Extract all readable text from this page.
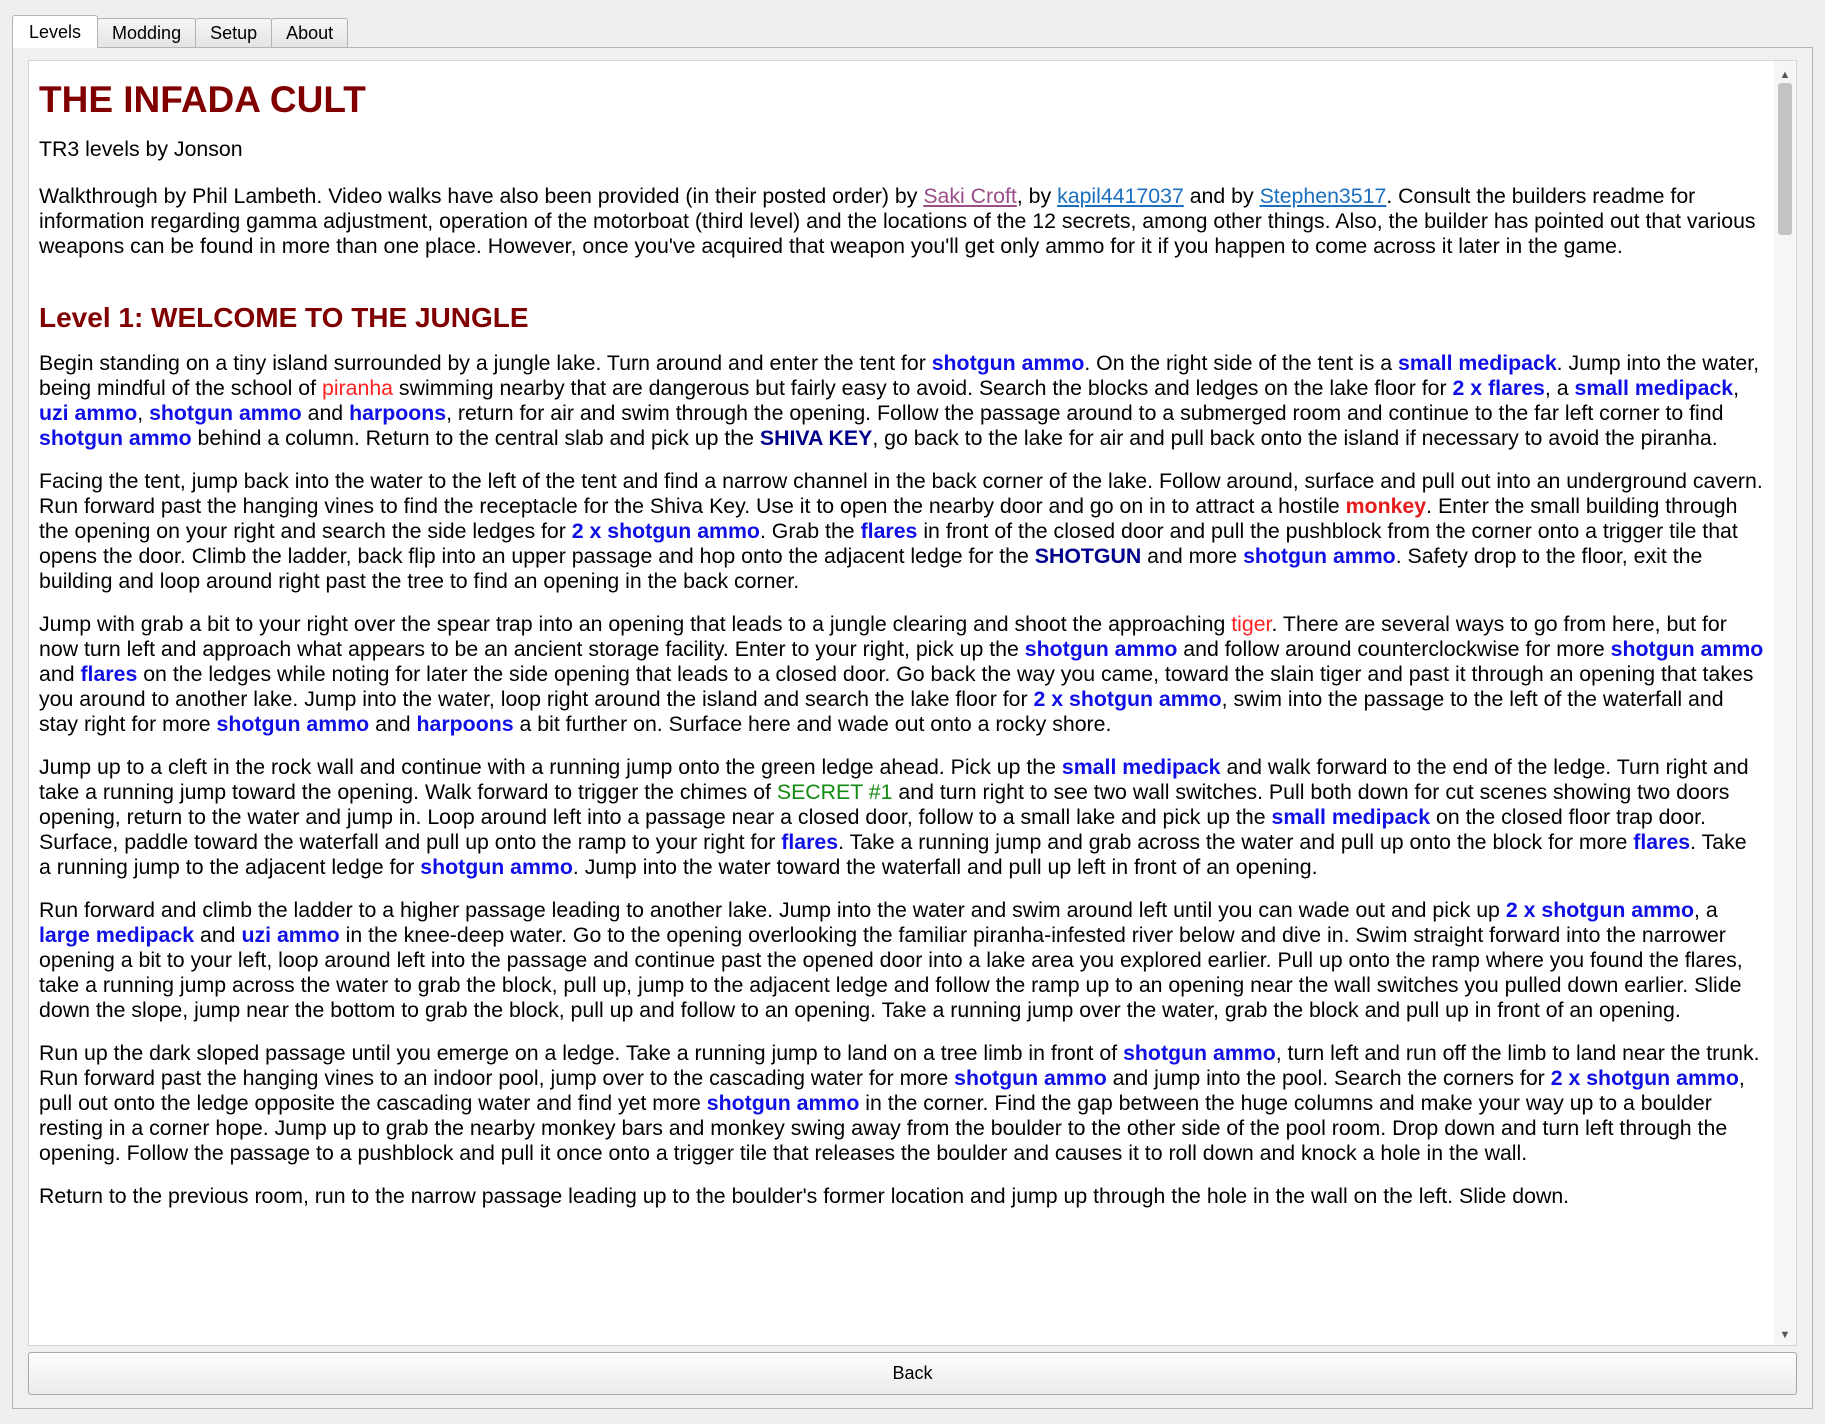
Levels	Modding	Setup	About
THE INFADA CULT

TR3 levels by Jonson

Walkthrough by Phil Lambeth. Video walks have also been provided (in their posted order) by Saki Croft, by kapil4417037 and by Stephen3517. Consult the builders readme for information regarding gamma adjustment, operation of the motorboat (third level) and the locations of the 12 secrets, among other things. Also, the builder has pointed out that various weapons can be found in more than one place. However, once you've acquired that weapon you'll get only ammo for it if you happen to come across it later in the game.

Level 1: WELCOME TO THE JUNGLE

Begin standing on a tiny island surrounded by a jungle lake. Turn around and enter the tent for shotgun ammo. On the right side of the tent is a small medipack. Jump into the water, being mindful of the school of piranha swimming nearby that are dangerous but fairly easy to avoid. Search the blocks and ledges on the lake floor for 2 x flares, a small medipack, uzi ammo, shotgun ammo and harpoons, return for air and swim through the opening. Follow the passage around to a submerged room and continue to the far left corner to find shotgun ammo behind a column. Return to the central slab and pick up the SHIVA KEY, go back to the lake for air and pull back onto the island if necessary to avoid the piranha.

Facing the tent, jump back into the water to the left of the tent and find a narrow channel in the back corner of the lake. Follow around, surface and pull out into an underground cavern. Run forward past the hanging vines to find the receptacle for the Shiva Key. Use it to open the nearby door and go on in to attract a hostile monkey. Enter the small building through the opening on your right and search the side ledges for 2 x shotgun ammo. Grab the flares in front of the closed door and pull the pushblock from the corner onto a trigger tile that opens the door. Climb the ladder, back flip into an upper passage and hop onto the adjacent ledge for the SHOTGUN and more shotgun ammo. Safety drop to the floor, exit the building and loop around right past the tree to find an opening in the back corner.

Jump with grab a bit to your right over the spear trap into an opening that leads to a jungle clearing and shoot the approaching tiger. There are several ways to go from here, but for now turn left and approach what appears to be an ancient storage facility. Enter to your right, pick up the shotgun ammo and follow around counterclockwise for more shotgun ammo and flares on the ledges while noting for later the side opening that leads to a closed door. Go back the way you came, toward the slain tiger and past it through an opening that takes you around to another lake. Jump into the water, loop right around the island and search the lake floor for 2 x shotgun ammo, swim into the passage to the left of the waterfall and stay right for more shotgun ammo and harpoons a bit further on. Surface here and wade out onto a rocky shore.

Jump up to a cleft in the rock wall and continue with a running jump onto the green ledge ahead. Pick up the small medipack and walk forward to the end of the ledge. Turn right and take a running jump toward the opening. Walk forward to trigger the chimes of SECRET #1 and turn right to see two wall switches. Pull both down for cut scenes showing two doors opening, return to the water and jump in. Loop around left into a passage near a closed door, follow to a small lake and pick up the small medipack on the closed floor trap door. Surface, paddle toward the waterfall and pull up onto the ramp to your right for flares. Take a running jump and grab across the water and pull up onto the block for more flares. Take a running jump to the adjacent ledge for shotgun ammo. Jump into the water toward the waterfall and pull up left in front of an opening.

Run forward and climb the ladder to a higher passage leading to another lake. Jump into the water and swim around left until you can wade out and pick up 2 x shotgun ammo, a large medipack and uzi ammo in the knee-deep water. Go to the opening overlooking the familiar piranha-infested river below and dive in. Swim straight forward into the narrower opening a bit to your left, loop around left into the passage and continue past the opened door into a lake area you explored earlier. Pull up onto the ramp where you found the flares, take a running jump across the water to grab the block, pull up, jump to the adjacent ledge and follow the ramp up to an opening near the wall switches you pulled down earlier. Slide down the slope, jump near the bottom to grab the block, pull up and follow to an opening. Take a running jump over the water, grab the block and pull up in front of an opening.

Run up the dark sloped passage until you emerge on a ledge. Take a running jump to land on a tree limb in front of shotgun ammo, turn left and run off the limb to land near the trunk. Run forward past the hanging vines to an indoor pool, jump over to the cascading water for more shotgun ammo and jump into the pool. Search the corners for 2 x shotgun ammo, pull out onto the ledge opposite the cascading water and find yet more shotgun ammo in the corner. Find the gap between the huge columns and make your way up to a boulder resting in a corner hope. Jump up to grab the nearby monkey bars and monkey swing away from the boulder to the other side of the pool room. Drop down and turn left through the opening. Follow the passage to a pushblock and pull it once onto a trigger tile that releases the boulder and causes it to roll down and knock a hole in the wall.

Return to the previous room, run to the narrow passage leading up to the boulder's former location and jump up through the hole in the wall on the left. Slide down.

▲
▼
Back
